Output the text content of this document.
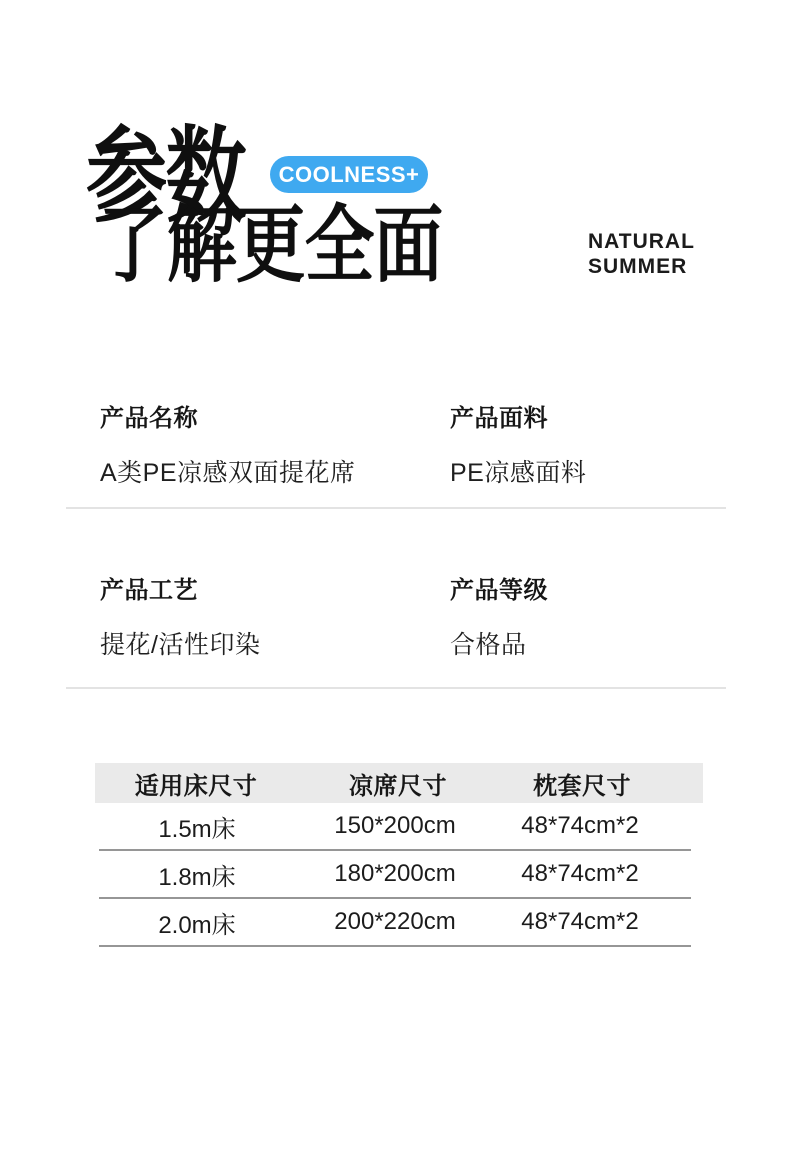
参数 COOLNESS+
了解更全面	NATURAL
SUMMER
产品名称
A类PE凉感双面提花席
产品面料
PE凉感面料
产品工艺
提花/活性印染
产品等级
合格品
适用床尺寸	凉席尺寸	枕套尺寸
1.5m床	150*200cm	48*74cm*2
1.8m床	180*200cm	48*74cm*2
2.0m床	200*220cm	48*74cm*2
